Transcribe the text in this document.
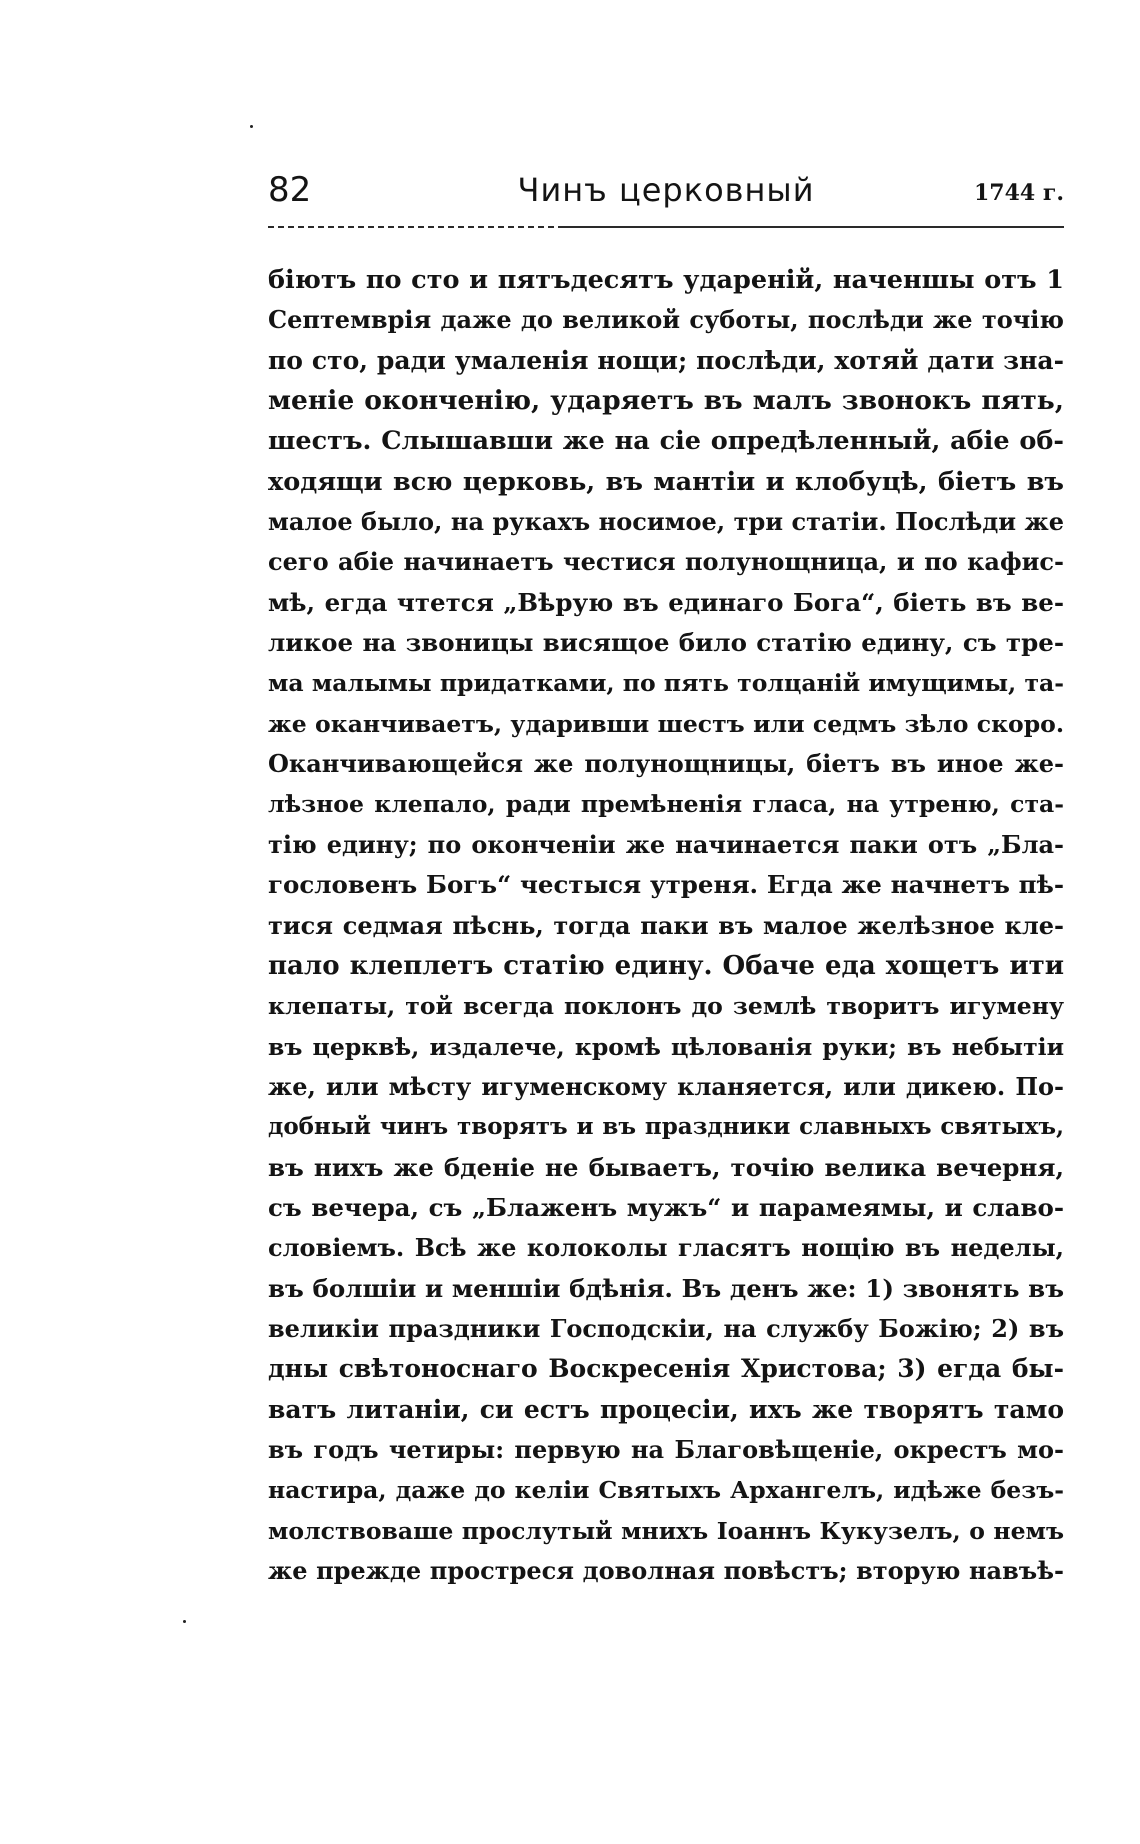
82	Чинъ церковный	1744 г.
біютъ по сто и пятъдесятъ удареній, наченшы отъ 1
Септемврія даже до великой суботы, послѣди же точію
по сто, ради умаленія нощи; послѣди, хотяй дати зна-
меніе окончeнію, ударяетъ въ малъ звонокъ пять,
шестъ. Слышавши же на сіе опредѣленный, абіе об-
ходящи всю церковь, въ мантіи и клобуцѣ, біетъ въ
малое было, на рукахъ носимое, три статіи. Послѣди же
сего абіе начинаетъ честися полунощница, и по кафис-
мѣ, егда чтется „Вѣрую въ единаго Бога“, біеть въ ве-
ликое на звоницы висящое било статію едину, съ тре-
ма малымы придатками, по пять толцаній имущимы, та-
же оканчиваетъ, ударивши шестъ или седмъ зѣло скоро.
Оканчивающейся же полунощницы, біетъ въ иное же-
лѣзное клепало, ради премѣненія гласа, на утреню, ста-
тію едину; по оконченіи же начинается паки отъ „Бла-
гословенъ Богъ“ честыся утреня. Егда же начнетъ пѣ-
тися седмая пѣснь, тогда паки въ малое желѣзное кле-
пало клеплетъ статію едину. Обаче еда хощетъ ити
клепаты, той всегда поклонъ до землѣ творитъ игумену
въ церквѣ, издалече, кромѣ цѣлованія руки; въ небытіи
же, или мѣсту игуменскому кланяется, или дикею. По-
добный чинъ творятъ и въ праздники славныхъ святыхъ,
въ нихъ же бденіе не бываетъ, точію велика вечерня,
съ вечера, съ „Блаженъ мужъ“ и парамеямы, и славо-
словіемъ. Всѣ же колоколы гласятъ нощію въ неделы,
въ болшіи и меншіи бдѣнія. Въ денъ же: 1) звонять въ
великіи праздники Господскіи, на службу Божію; 2) въ
дны свѣтоноснаго Воскресенія Христова; 3) егда бы-
ватъ литаніи, си естъ процесіи, ихъ же творятъ тамо
въ годъ четиры: первую на Благовѣщеніе, окрестъ мо-
настира, даже до келіи Святыхъ Архангелъ, идѣже безъ-
молствоваше прослутый мнихъ Іоаннъ Кукузелъ, о немъ
же прежде простреся доволная повѣстъ; вторую навъѣ-
